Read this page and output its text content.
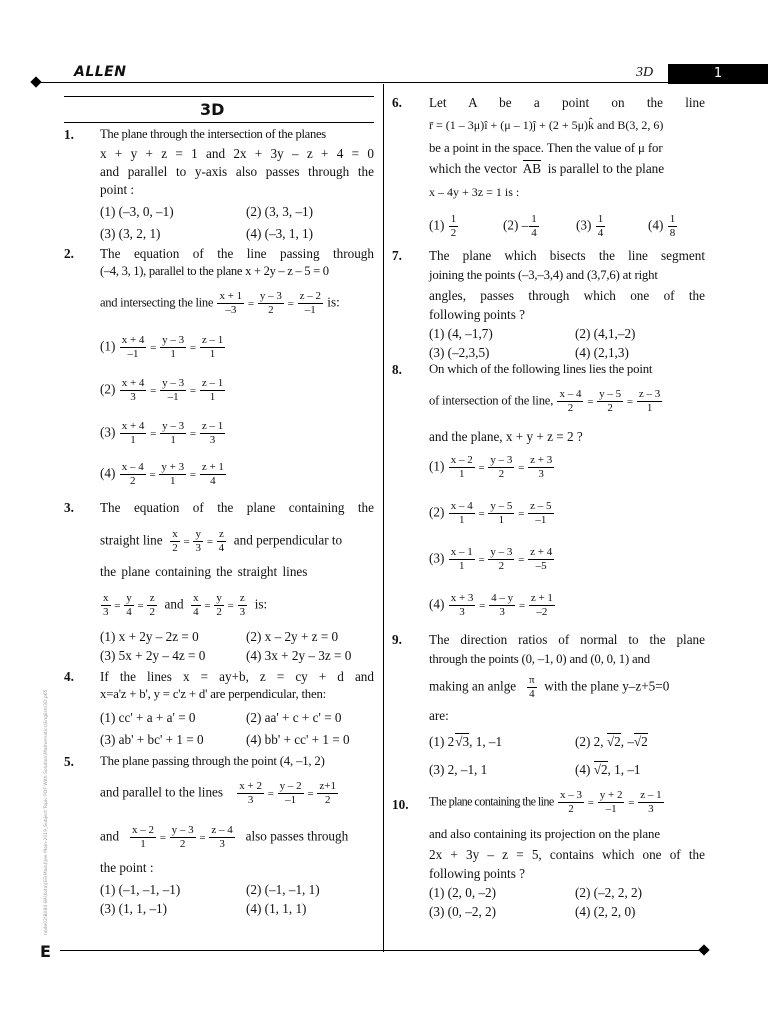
ALLEN	3D	1
E
node02\B0B0-BA\Kota\JEE(Main)\Jee Main-2019_Subject Topic PDF With Solution\Mathematics\English\3D.p65
3D
1. The plane through the intersection of the planes
x + y + z = 1 and 2x + 3y – z + 4 = 0
and parallel to y-axis also passes through the
point :
(1) (–3, 0, –1)	(2) (3, 3, –1)
(3) (3, 2, 1)	(4) (–3, 1, 1)
2. The equation of the line passing through
(–4, 3, 1), parallel to the plane x + 2y – z – 5 = 0
and intersecting the line $\frac{x + 1}{-3} = \frac{y - 3}{2} = \frac{z - 2}{-1}$ is:
$(1) \frac{x + 4}{-1} = \frac{y - 3}{1} = \frac{z - 1}{1}$
$(2) \frac{x + 4}{3} = \frac{y - 3}{-1} = \frac{z - 1}{1}$
$(3) \frac{x + 4}{1} = \frac{y - 3}{1} = \frac{z - 1}{3}$
$(4) \frac{x - 4}{2} = \frac{y + 3}{1} = \frac{z + 1}{4}$
3. The equation of the plane containing the
straight line $\frac{x}{2} = \frac{y}{3} = \frac{z}{4}$ and perpendicular to
the plane containing the straight lines
$\frac{x}{3} = \frac{y}{4} = \frac{z}{2}$ and $\frac{x}{4} = \frac{y}{2} = \frac{z}{3}$ is:
(1) x + 2y – 2z = 0	(2) x – 2y + z = 0
(3) 5x + 2y – 4z = 0	(4) 3x + 2y – 3z = 0
4. If the lines x = ay+b, z = cy + d and
x=a'z + b', y = c'z + d' are perpendicular, then:
(1) cc' + a + a' = 0	(2) aa' + c + c' = 0
(3) ab' + bc' + 1 = 0	(4) bb' + cc' + 1 = 0
5. The plane passing through the point (4, –1, 2)
and parallel to the lines $\frac{x + 2}{3} = \frac{y - 2}{-1} = \frac{z+1}{2}$
and $\frac{x - 2}{1} = \frac{y - 3}{2} = \frac{z - 4}{3}$ also passes through
the point :
(1) (–1, –1, –1)	(2) (–1, –1, 1)
(3) (1, 1, –1)	(4) (1, 1, 1)
6. Let A be a point on the line
r̄ = (1 – 3μ)î + (μ – 1)ĵ + (2 + 5μ)k̂ and B(3, 2, 6)
be a point in the space. Then the value of μ for
which the vector AB is parallel to the plane
x – 4y + 3z = 1 is :
$(1) \frac{1}{2}$	$(2) - \frac{1}{4}$	$(3) \frac{1}{4}$	$(4) \frac{1}{8}$
7. The plane which bisects the line segment
joining the points (–3,–3,4) and (3,7,6) at right
angles, passes through which one of the
following points ?
(1) (4, –1,7)	(2) (4,1,–2)
(3) (–2,3,5)	(4) (2,1,3)
8. On which of the following lines lies the point
of intersection of the line, $\frac{x - 4}{2} = \frac{y - 5}{2} = \frac{z - 3}{1}$
and the plane, x + y + z = 2 ?
$(1) \frac{x - 2}{1} = \frac{y - 3}{2} = \frac{z + 3}{3}$
$(2) \frac{x - 4}{1} = \frac{y - 5}{1} = \frac{z - 5}{-1}$
$(3) \frac{x - 1}{1} = \frac{y - 3}{2} = \frac{z + 4}{-5}$
$(4) \frac{x + 3}{3} = \frac{4 - y}{3} = \frac{z + 1}{-2}$
9. The direction ratios of normal to the plane
through the points (0, –1, 0) and (0, 0, 1) and
making an anlge $\frac{\pi}{4}$ with the plane y–z+5=0
are:
(1) 2√3, 1, –1	(2) 2, √2, –√2
(3) 2, –1, 1	(4) √2, 1, –1
10. The plane containing the line $\frac{x - 3}{2} = \frac{y + 2}{-1} = \frac{z - 1}{3}$
and also containing its projection on the plane
2x + 3y – z = 5, contains which one of the
following points ?
(1) (2, 0, –2)	(2) (–2, 2, 2)
(3) (0, –2, 2)	(4) (2, 2, 0)
